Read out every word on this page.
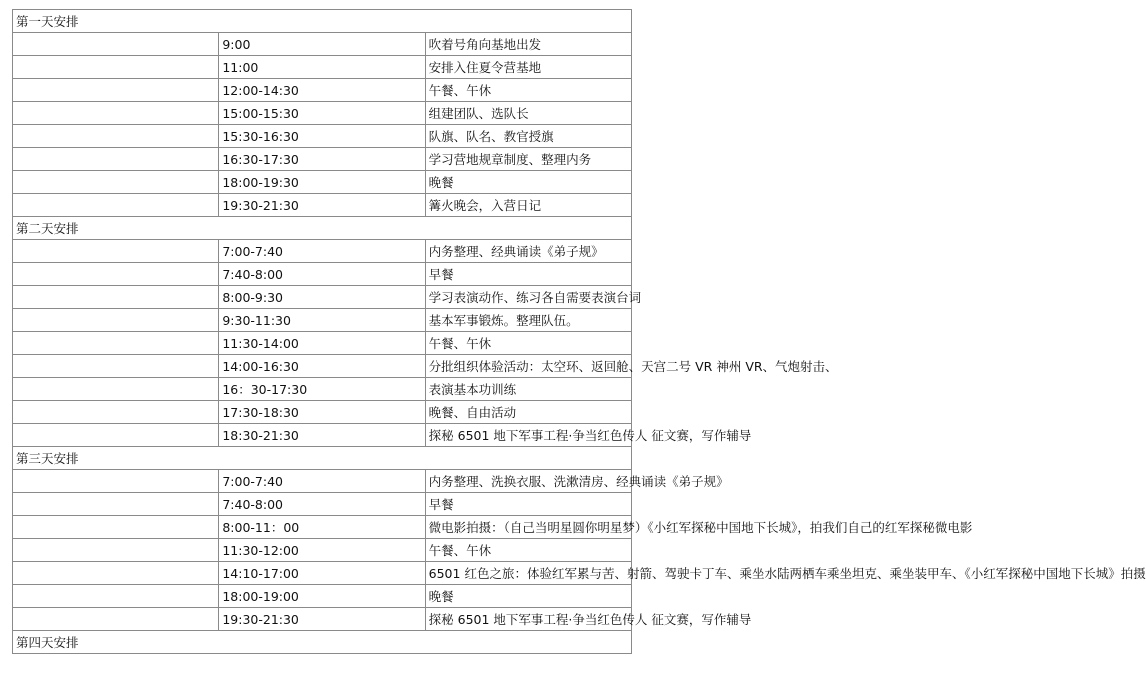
第一天安排		
	9:00	吹着号角向基地出发
	11:00	安排入住夏令营基地
	12:00-14:30	午餐、午休
	15:00-15:30	组建团队、选队长
	15:30-16:30	队旗、队名、教官授旗
	16:30-17:30	学习营地规章制度、整理内务
	18:00-19:30	晚餐
	19:30-21:30	篝火晚会，入营日记
第二天安排		
	7:00-7:40	内务整理、经典诵读《弟子规》
	7:40-8:00	早餐
	8:00-9:30	学习表演动作、练习各自需要表演台词
	9:30-11:30	基本军事锻炼。整理队伍。
	11:30-14:00	午餐、午休
	14:00-16:30	分批组织体验活动：太空环、返回舱、天宫二号 VR 神州 VR、气炮射击、
	16：30-17:30	表演基本功训练
	17:30-18:30	晚餐、自由活动
	18:30-21:30	探秘 6501 地下军事工程·争当红色传人 征文赛，写作辅导
第三天安排		
	7:00-7:40	内务整理、洗换衣服、洗漱清房、经典诵读《弟子规》
	7:40-8:00	早餐
	8:00-11：00	微电影拍摄：（自己当明星圆你明星梦）《小红军探秘中国地下长城》，拍我们自己的红军探秘微电影
	11:30-12:00	午餐、午休
	14:10-17:00	6501 红色之旅：体验红军累与苦、射箭、驾驶卡丁车、乘坐水陆两栖车乘坐坦克、乘坐装甲车、《小红军探秘中国地下长城》拍摄
	18:00-19:00	晚餐
	19:30-21:30	探秘 6501 地下军事工程·争当红色传人 征文赛，写作辅导
第四天安排		
